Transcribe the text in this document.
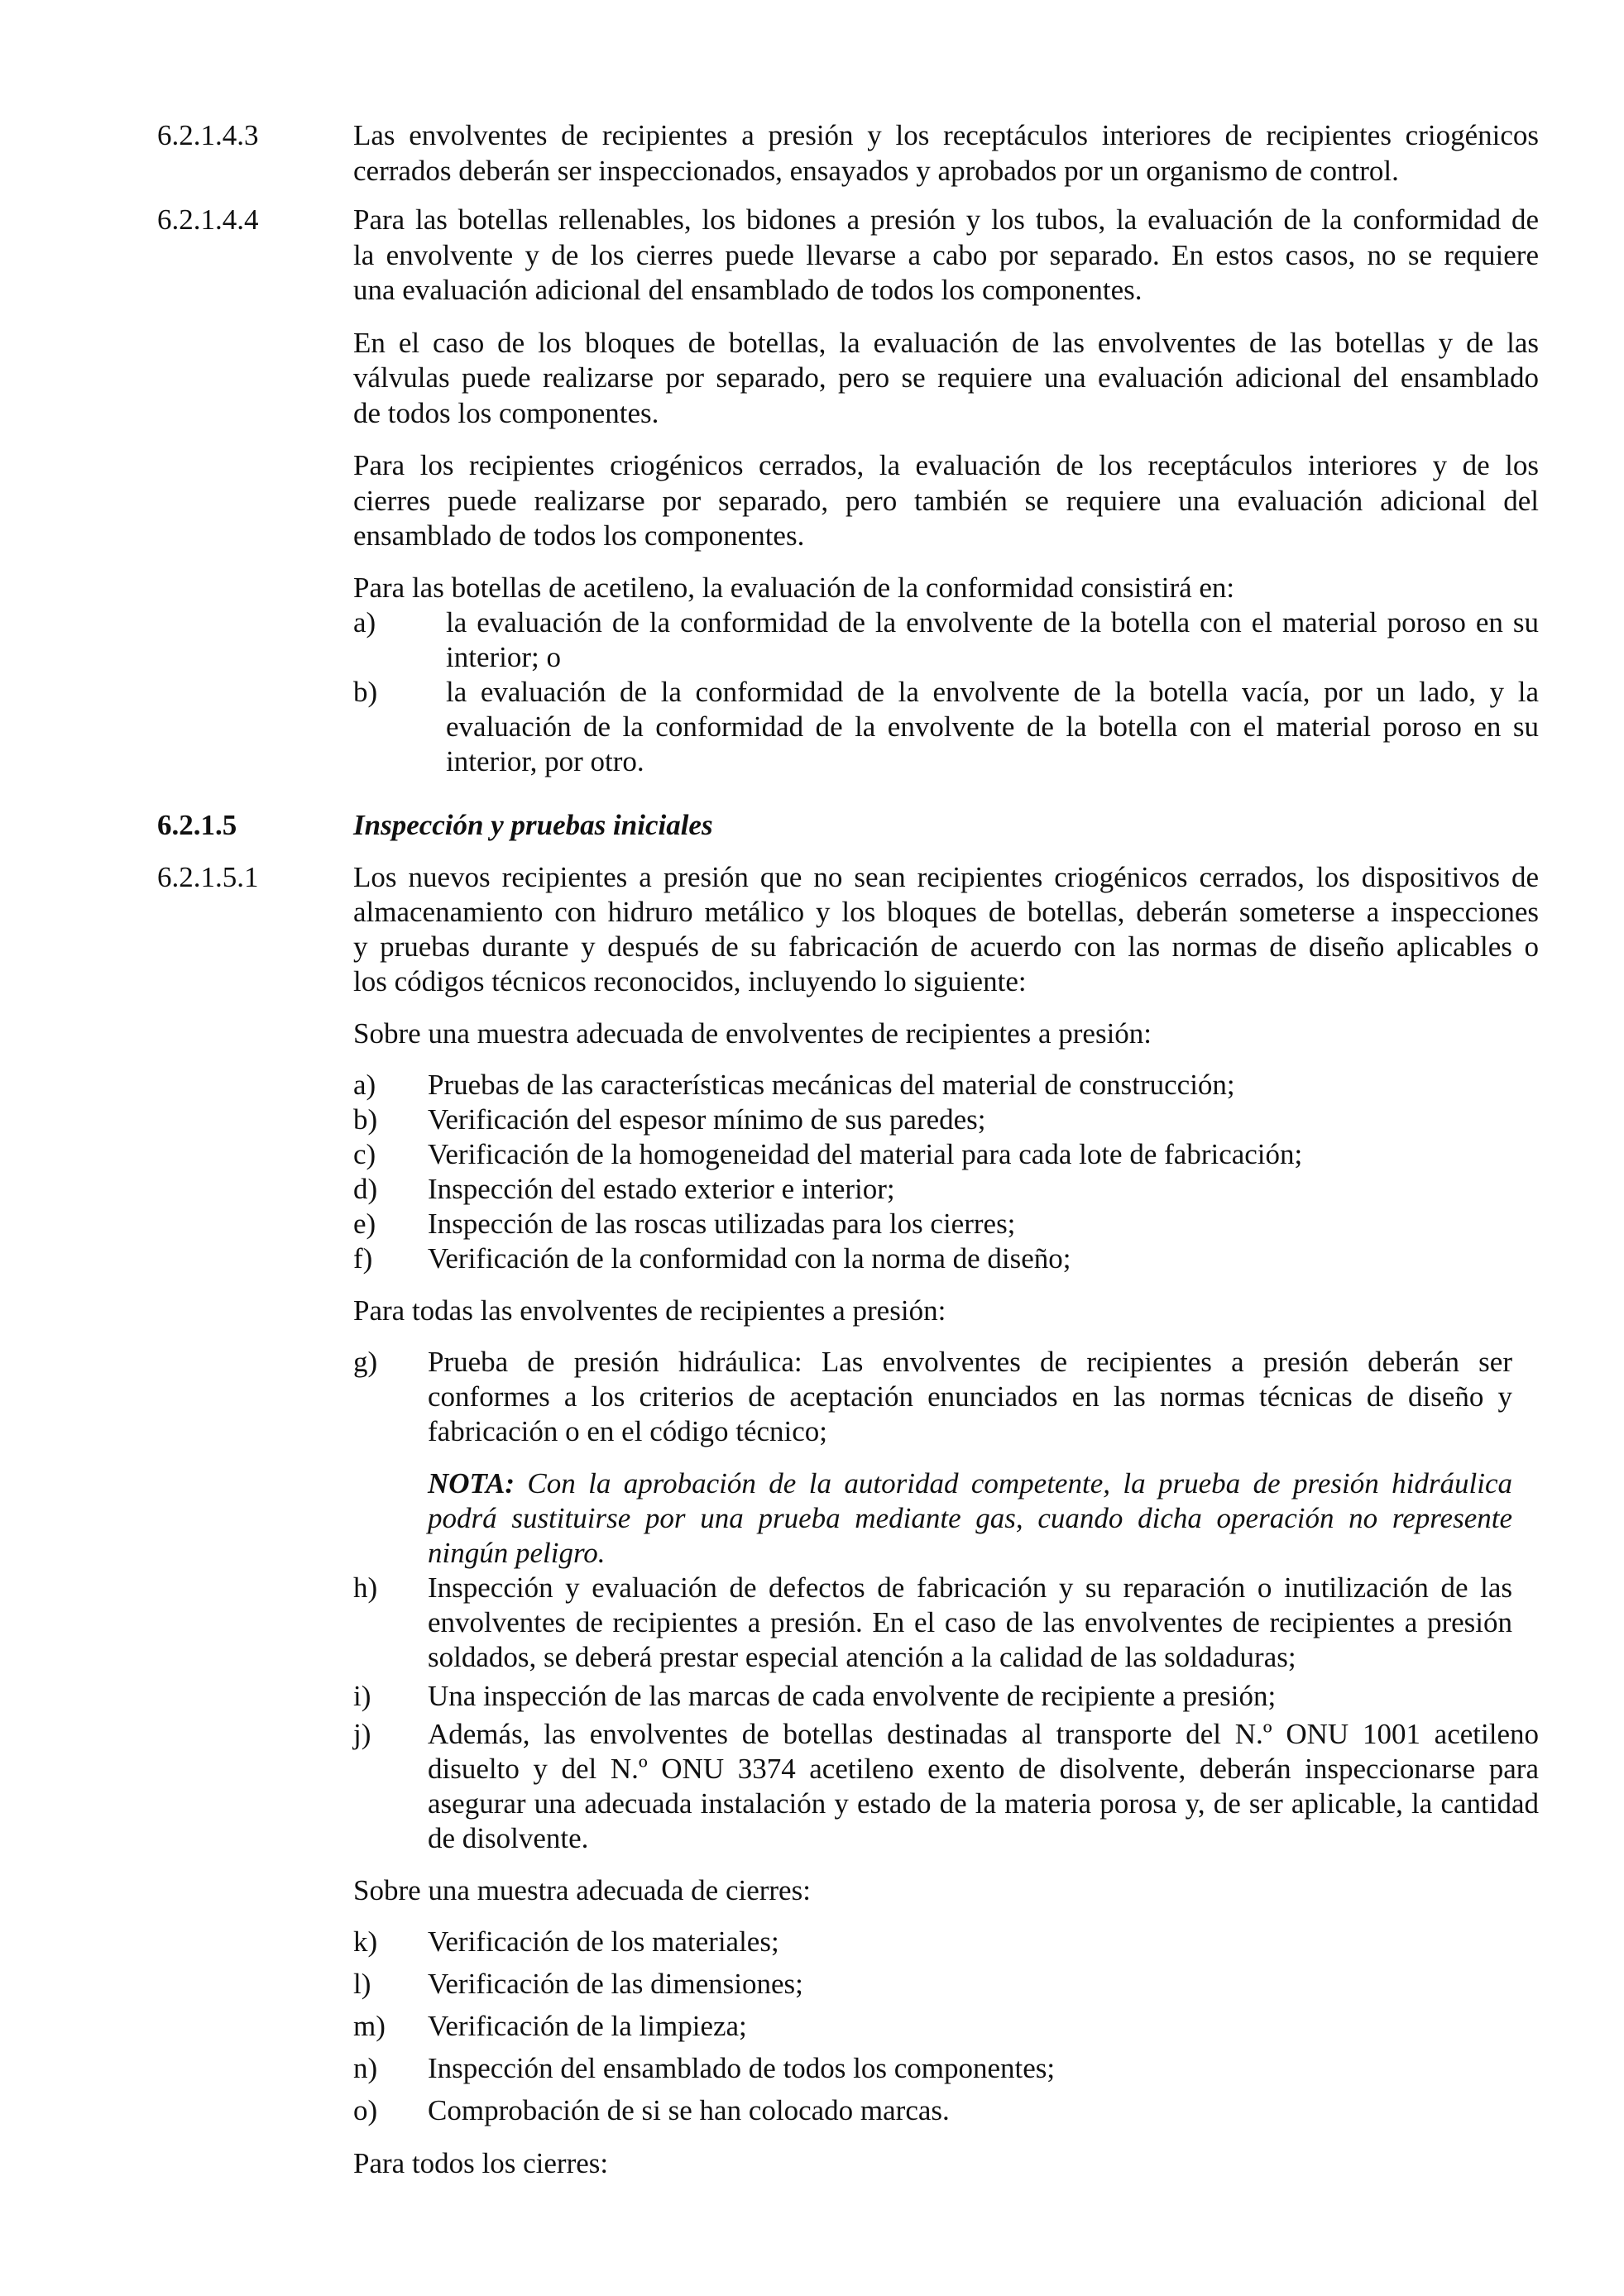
6.2.1.4.3	Las envolventes de recipientes a presión y los receptáculos interiores de recipientes criogénicos
cerrados deberán ser inspeccionados, ensayados y aprobados por un organismo de control.
6.2.1.4.4	Para las botellas rellenables, los bidones a presión y los tubos, la evaluación de la conformidad de
la envolvente y de los cierres puede llevarse a cabo por separado. En estos casos, no se requiere
una evaluación adicional del ensamblado de todos los componentes.
En el caso de los bloques de botellas, la evaluación de las envolventes de las botellas y de las
válvulas puede realizarse por separado, pero se requiere una evaluación adicional del ensamblado
de todos los componentes.
Para los recipientes criogénicos cerrados, la evaluación de los receptáculos interiores y de los
cierres puede realizarse por separado, pero también se requiere una evaluación adicional del
ensamblado de todos los componentes.
Para las botellas de acetileno, la evaluación de la conformidad consistirá en:
a) la evaluación de la conformidad de la envolvente de la botella con el material poroso en su
interior; o
b) la evaluación de la conformidad de la envolvente de la botella vacía, por un lado, y la
evaluación de la conformidad de la envolvente de la botella con el material poroso en su
interior, por otro.
6.2.1.5	Inspección y pruebas iniciales
6.2.1.5.1	Los nuevos recipientes a presión que no sean recipientes criogénicos cerrados, los dispositivos de
almacenamiento con hidruro metálico y los bloques de botellas, deberán someterse a inspecciones
y pruebas durante y después de su fabricación de acuerdo con las normas de diseño aplicables o
los códigos técnicos reconocidos, incluyendo lo siguiente:
Sobre una muestra adecuada de envolventes de recipientes a presión:
a) Pruebas de las características mecánicas del material de construcción;
b) Verificación del espesor mínimo de sus paredes;
c) Verificación de la homogeneidad del material para cada lote de fabricación;
d) Inspección del estado exterior e interior;
e) Inspección de las roscas utilizadas para los cierres;
f) Verificación de la conformidad con la norma de diseño;
Para todas las envolventes de recipientes a presión:
g) Prueba de presión hidráulica: Las envolventes de recipientes a presión deberán ser
conformes a los criterios de aceptación enunciados en las normas técnicas de diseño y
fabricación o en el código técnico;
NOTA: Con la aprobación de la autoridad competente, la prueba de presión hidráulica
podrá sustituirse por una prueba mediante gas, cuando dicha operación no represente
ningún peligro.
h) Inspección y evaluación de defectos de fabricación y su reparación o inutilización de las
envolventes de recipientes a presión. En el caso de las envolventes de recipientes a presión
soldados, se deberá prestar especial atención a la calidad de las soldaduras;
i) Una inspección de las marcas de cada envolvente de recipiente a presión;
j) Además, las envolventes de botellas destinadas al transporte del N.º ONU 1001 acetileno
disuelto y del N.º ONU 3374 acetileno exento de disolvente, deberán inspeccionarse para
asegurar una adecuada instalación y estado de la materia porosa y, de ser aplicable, la cantidad
de disolvente.
Sobre una muestra adecuada de cierres:
k) Verificación de los materiales;
l) Verificación de las dimensiones;
m) Verificación de la limpieza;
n) Inspección del ensamblado de todos los componentes;
o) Comprobación de si se han colocado marcas.
Para todos los cierres:
